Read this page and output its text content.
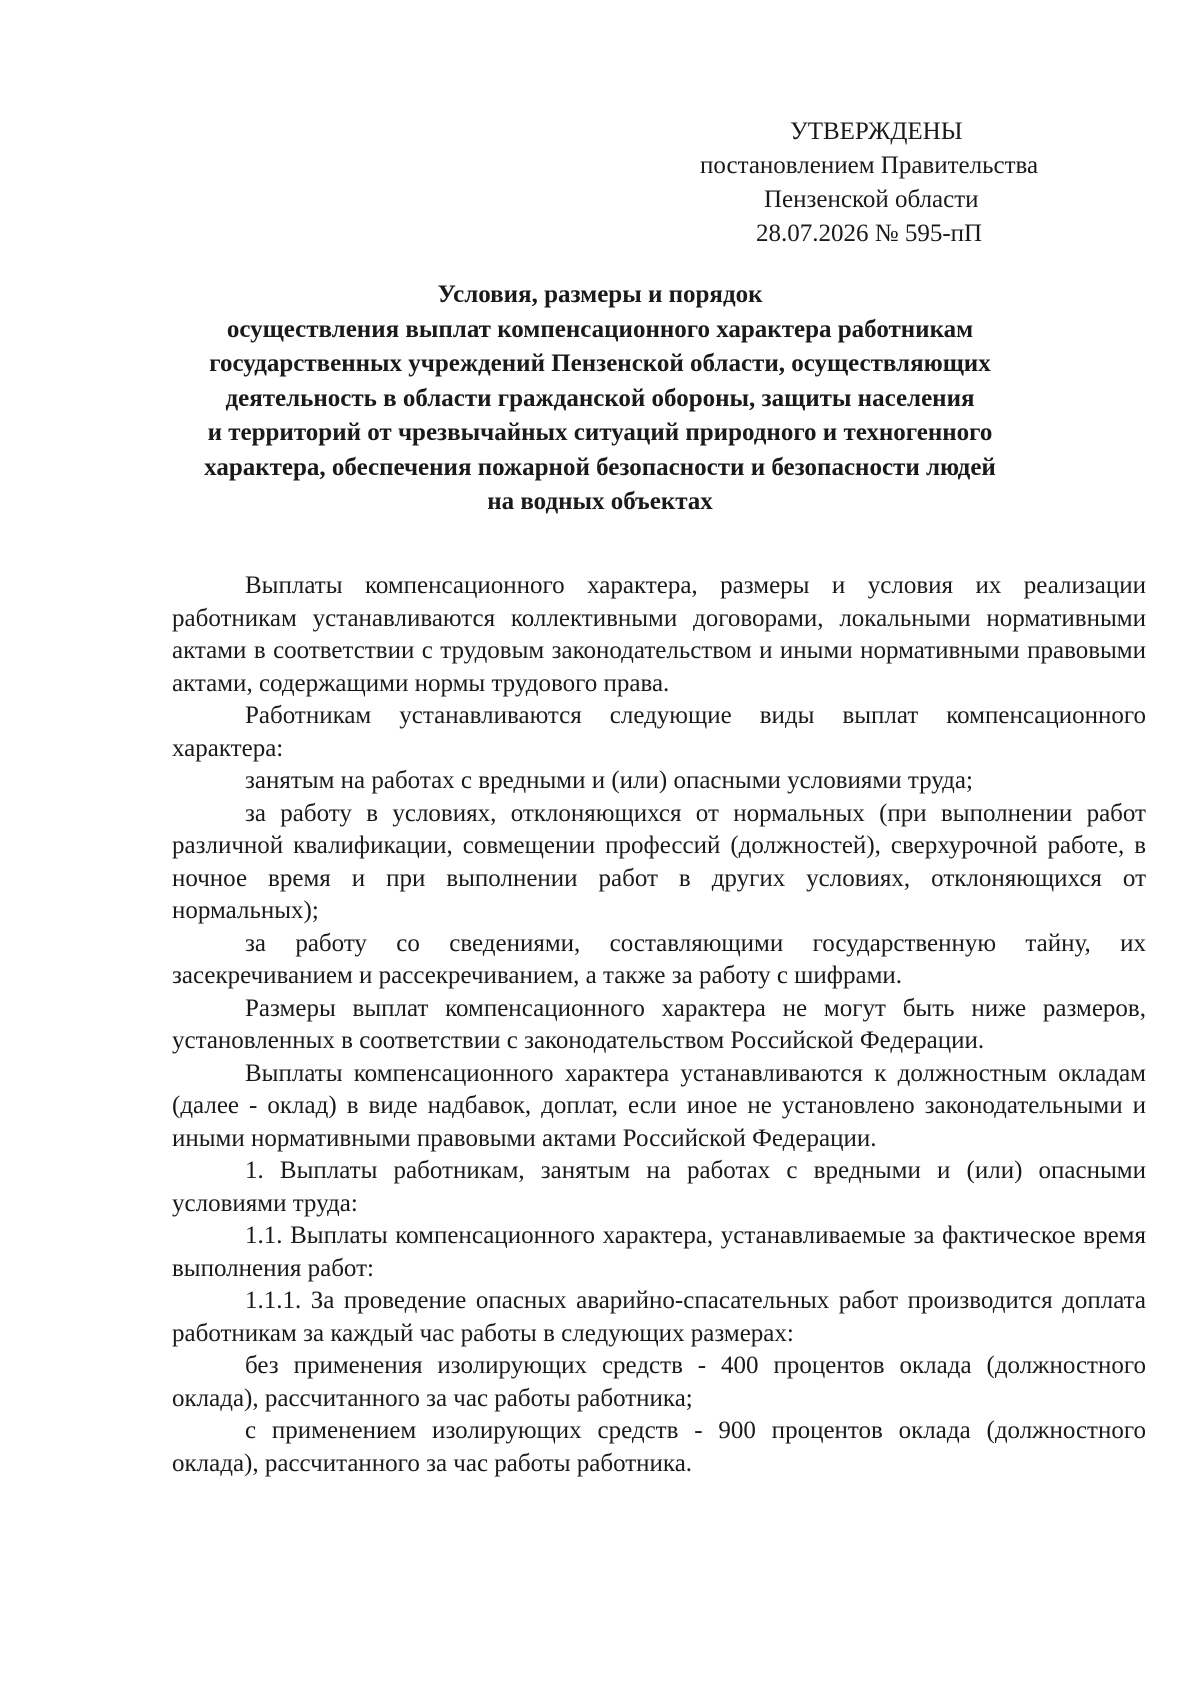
УТВЕРЖДЕНЫ
постановлением Правительства
Пензенской области
28.07.2026 № 595-пП
Условия, размеры и порядок
осуществления выплат компенсационного характера работникам
государственных учреждений Пензенской области, осуществляющих
деятельность в области гражданской обороны, защиты населения
и территорий от чрезвычайных ситуаций природного и техногенного
характера, обеспечения пожарной безопасности и безопасности людей
на водных объектах

Выплаты компенсационного характера, размеры и условия их реализации работникам устанавливаются коллективными договорами, локальными нормативными актами в соответствии с трудовым законодательством и иными нормативными правовыми актами, содержащими нормы трудового права.

Работникам устанавливаются следующие виды выплат компенсационного характера:

занятым на работах с вредными и (или) опасными условиями труда;

за работу в условиях, отклоняющихся от нормальных (при выполнении работ различной квалификации, совмещении профессий (должностей), сверхурочной работе, в ночное время и при выполнении работ в других условиях, отклоняющихся от нормальных);

за работу со сведениями, составляющими государственную тайну, их засекречиванием и рассекречиванием, а также за работу с шифрами.

Размеры выплат компенсационного характера не могут быть ниже размеров, установленных в соответствии с законодательством Российской Федерации.

Выплаты компенсационного характера устанавливаются к должностным окладам (далее - оклад) в виде надбавок, доплат, если иное не установлено законодательными и иными нормативными правовыми актами Российской Федерации.

1. Выплаты работникам, занятым на работах с вредными и (или) опасными условиями труда:

1.1. Выплаты компенсационного характера, устанавливаемые за фактическое время выполнения работ:

1.1.1. За проведение опасных аварийно-спасательных работ производится доплата работникам за каждый час работы в следующих размерах:

без применения изолирующих средств - 400 процентов оклада (должностного оклада), рассчитанного за час работы работника;

с применением изолирующих средств - 900 процентов оклада (должностного оклада), рассчитанного за час работы работника.
